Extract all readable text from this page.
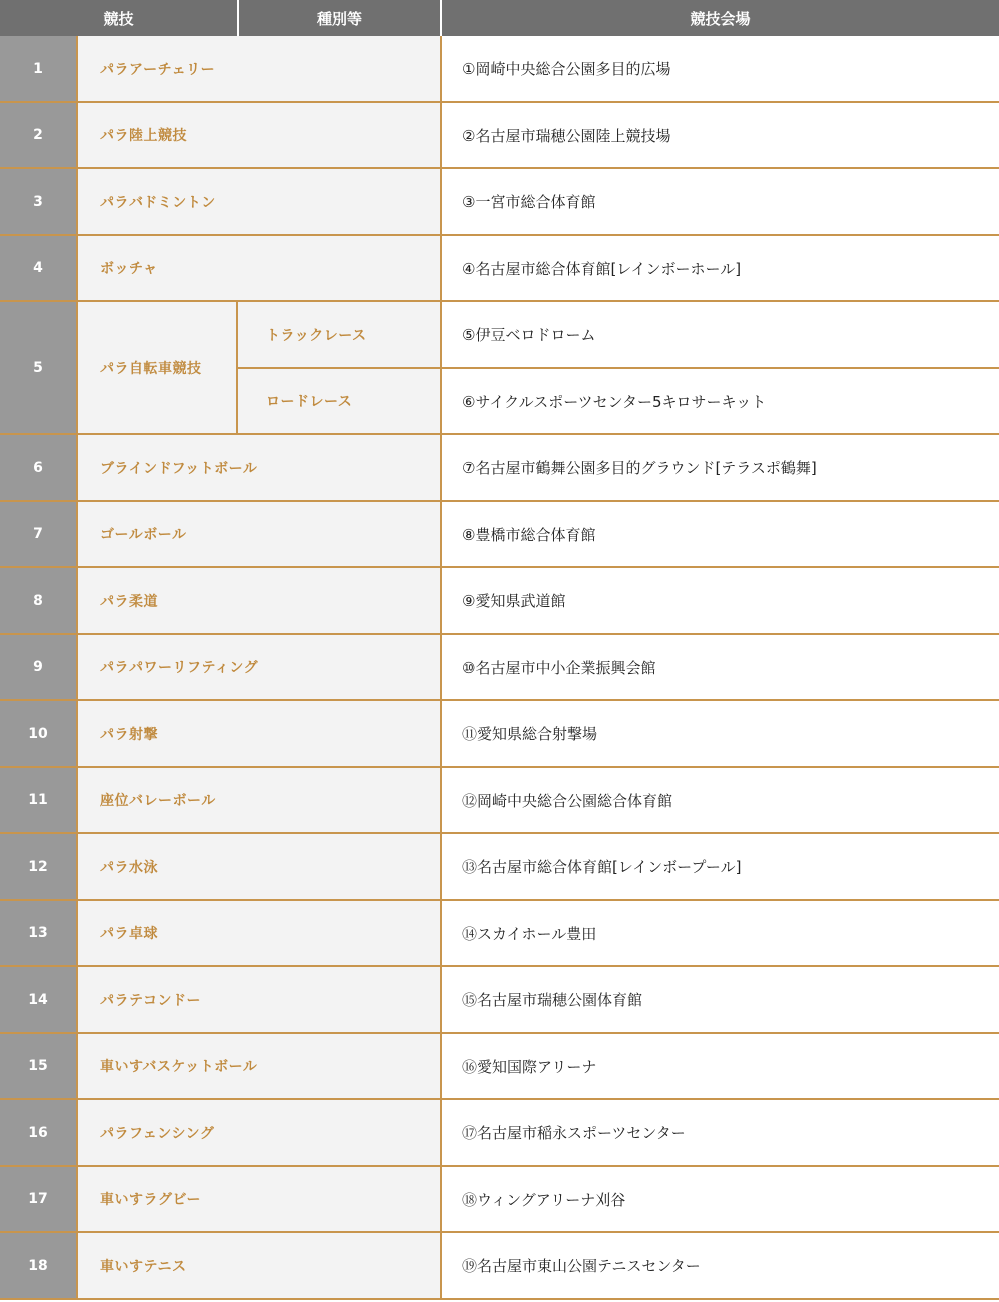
競技	種別等	競技会場
1	パラアーチェリー	①岡崎中央総合公園多目的広場
2	パラ陸上競技	②名古屋市瑞穂公園陸上競技場
3	パラバドミントン	③一宮市総合体育館
4	ボッチャ	④名古屋市総合体育館[レインボーホール]
5	パラ自転車競技
トラックレース	⑤伊豆ベロドローム
ロードレース	⑥サイクルスポーツセンター5キロサーキット
6	ブラインドフットボール	⑦名古屋市鶴舞公園多目的グラウンド[テラスポ鶴舞]
7	ゴールボール	⑧豊橋市総合体育館
8	パラ柔道	⑨愛知県武道館
9	パラパワーリフティング	⑩名古屋市中小企業振興会館
10	パラ射撃	⑪愛知県総合射撃場
11	座位バレーボール	⑫岡崎中央総合公園総合体育館
12	パラ水泳	⑬名古屋市総合体育館[レインボープール]
13	パラ卓球	⑭スカイホール豊田
14	パラテコンドー	⑮名古屋市瑞穂公園体育館
15	車いすバスケットボール	⑯愛知国際アリーナ
16	パラフェンシング	⑰名古屋市稲永スポーツセンター
17	車いすラグビー	⑱ウィングアリーナ刈谷
18	車いすテニス	⑲名古屋市東山公園テニスセンター
